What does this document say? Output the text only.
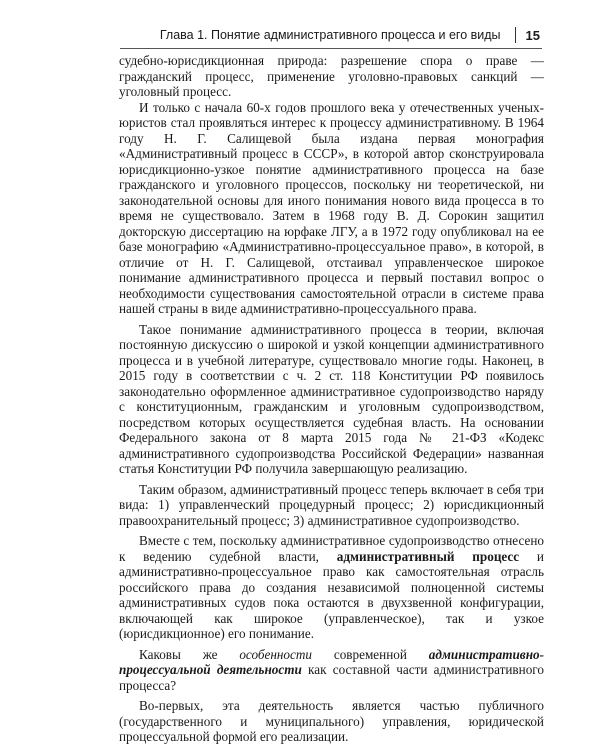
Глава 1. Понятие административного процесса и его виды 15

судебно-юрисдикционная природа: разрешение спора о праве — гражданский процесс, применение уголовно-правовых санкций — уголовный процесс.

И только с начала 60-х годов прошлого века у отечественных ученых-юристов стал проявляться интерес к процессу административному. В 1964 году Н. Г. Салищевой была издана первая монография «Административный процесс в СССР», в которой автор сконструировала юрисдикционно-узкое понятие административного процесса на базе гражданского и уголовного процессов, поскольку ни теоретической, ни законодательной основы для иного понимания нового вида процесса в то время не существовало. Затем в 1968 году В. Д. Сорокин защитил докторскую диссертацию на юрфаке ЛГУ, а в 1972 году опубликовал на ее базе монографию «Административно-процессуальное право», в которой, в отличие от Н. Г. Салищевой, отстаивал управленческое широкое понимание административного процесса и первый поставил вопрос о необходимости существования самостоятельной отрасли в системе права нашей страны в виде административно-процессуального права.

Такое понимание административного процесса в теории, включая постоянную дискуссию о широкой и узкой концепции административного процесса и в учебной литературе, существовало многие годы. Наконец, в 2015 году в соответствии с ч. 2 ст. 118 Конституции РФ появилось законодательно оформленное административное судопроизводство наряду с конституционным, гражданским и уголовным судопроизводством, посредством которых осуществляется судебная власть. На основании Федерального закона от 8 марта 2015 года № 21-ФЗ «Кодекс административного судопроизводства Российской Федерации» названная статья Конституции РФ получила завершающую реализацию.

Таким образом, административный процесс теперь включает в себя три вида: 1) управленческий процедурный процесс; 2) юрисдикционный правоохранительный процесс; 3) административное судопроизводство.

Вместе с тем, поскольку административное судопроизводство отнесено к ведению судебной власти, административный процесс и административно-процессуальное право как самостоятельная отрасль российского права до создания независимой полноценной системы административных судов пока остаются в двухзвенной конфигурации, включающей как широкое (управленческое), так и узкое (юрисдикционное) его понимание.

Каковы же особенности современной административно-процессуальной деятельности как составной части административного процесса?

Во-первых, эта деятельность является частью публичного (государственного и муниципального) управления, юридической процессуальной формой его реализации.
